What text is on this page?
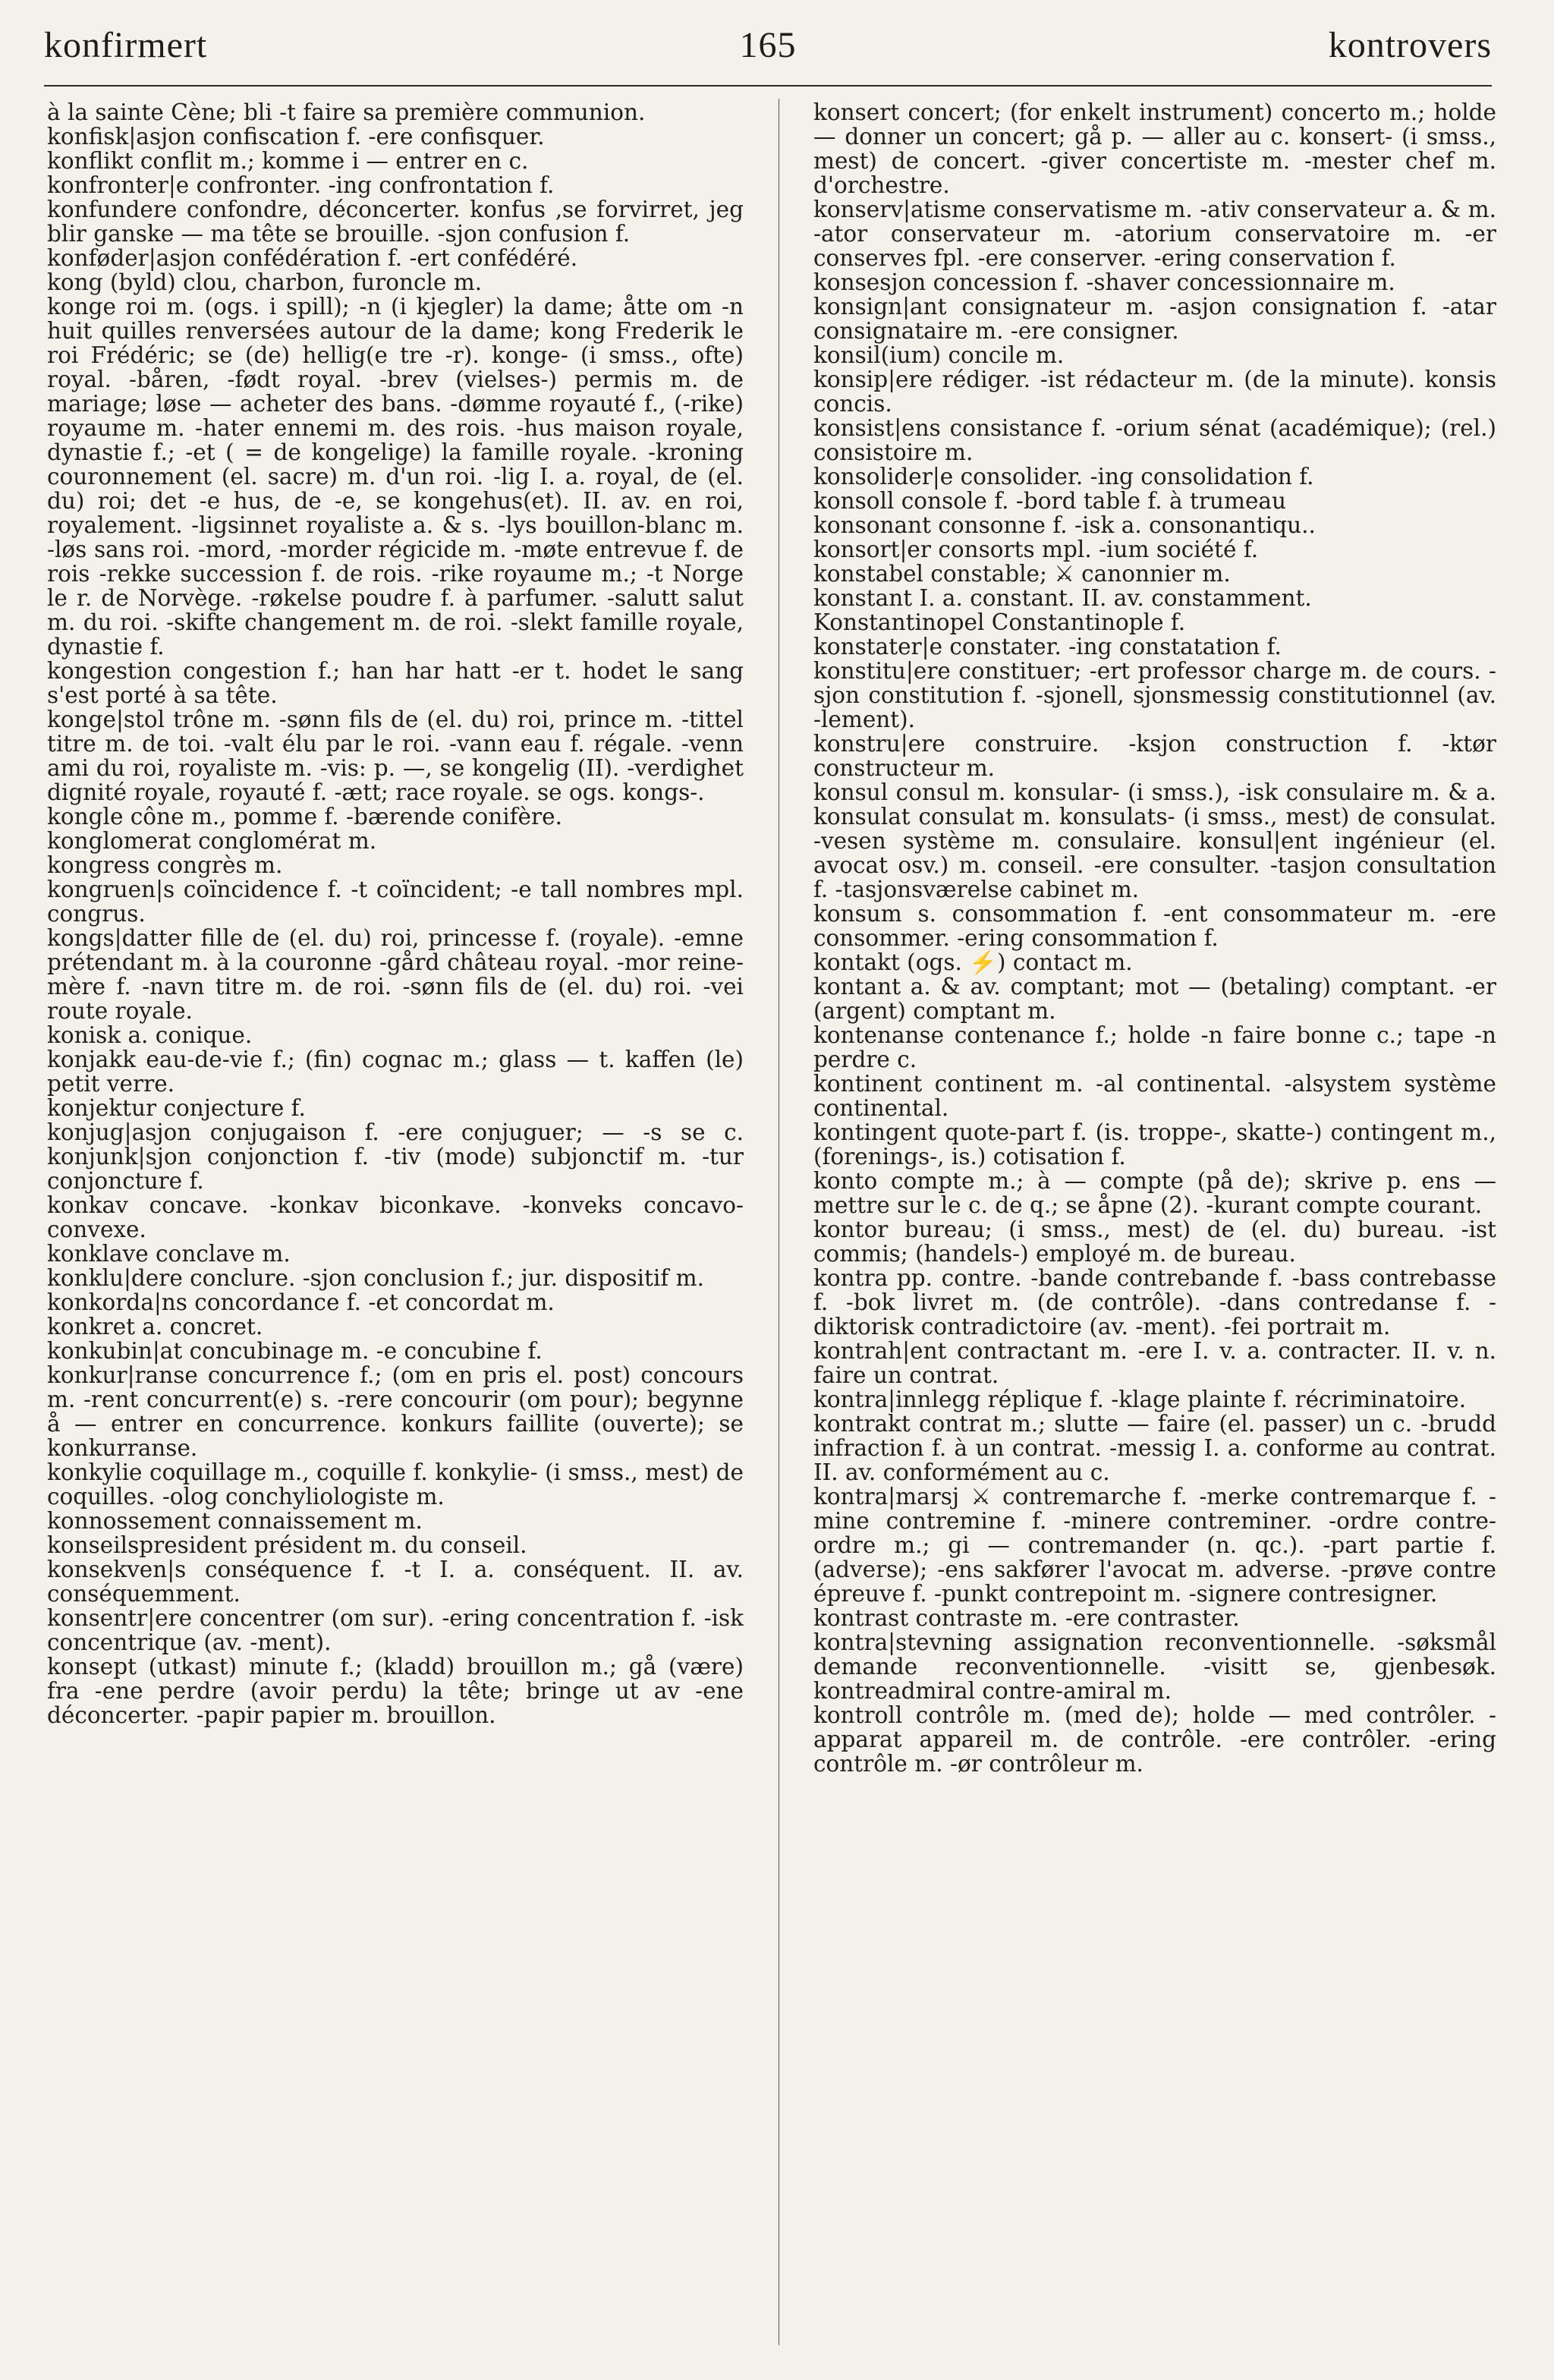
konfirmert	165	kontrovers

à la sainte Cène; bli -t faire sa première communion.

konfisk|asjon confiscation f. -ere confisquer.

konflikt conflit m.; komme i — entrer en c.

konfronter|e confronter. -ing confrontation f.

konfundere confondre, déconcerter. konfus ‚se forvirret, jeg blir ganske — ma tête se brouille. -sjon confusion f.

konføder|asjon confédération f. -ert confédéré.

kong (byld) clou, charbon, furoncle m.

konge roi m. (ogs. i spill); -n (i kjegler) la dame; åtte om -n huit quilles renversées autour de la dame; kong Frederik le roi Frédéric; se (de) hellig(e tre -r). konge- (i smss., ofte) royal. -båren, -født royal. -brev (vielses-) permis m. de mariage; løse — acheter des bans. -dømme royauté f., (-rike) royaume m. -hater ennemi m. des rois. -hus maison royale, dynastie f.; -et ( = de kongelige) la famille royale. -kroning couronnement (el. sacre) m. d'un roi. -lig I. a. royal, de (el. du) roi; det -e hus, de -e, se kongehus(et). II. av. en roi, royalement. -ligsinnet royaliste a. & s. -lys bouillon-blanc m. -løs sans roi. -mord, -morder régicide m. -møte entrevue f. de rois -rekke succession f. de rois. -rike royaume m.; -t Norge le r. de Norvège. -røkelse poudre f. à parfumer. -salutt salut m. du roi. -skifte changement m. de roi. -slekt famille royale, dynastie f.

kongestion congestion f.; han har hatt -er t. hodet le sang s'est porté à sa tête.

konge|stol trône m. -sønn fils de (el. du) roi, prince m. -tittel titre m. de toi. -valt élu par le roi. -vann eau f. régale. -venn ami du roi, royaliste m. -vis: p. —, se kongelig (II). -verdighet dignité royale, royauté f. -ætt; race royale. se ogs. kongs-.

kongle cône m., pomme f. -bærende conifère.

konglomerat conglomérat m.

kongress congrès m.

kongruen|s coïncidence f. -t coïncident; -e tall nombres mpl. congrus.

kongs|datter fille de (el. du) roi, princesse f. (royale). -emne prétendant m. à la couronne -gård château royal. -mor reine-mère f. -navn titre m. de roi. -sønn fils de (el. du) roi. -vei route royale.

konisk a. conique.

konjakk eau-de-vie f.; (fin) cognac m.; glass — t. kaffen (le) petit verre.

konjektur conjecture f.

konjug|asjon conjugaison f. -ere conjuguer; — -s se c. konjunk|sjon conjonction f. -tiv (mode) subjonctif m. -tur conjoncture f.

konkav concave. -konkav biconkave. -konveks concavo-convexe.

konklave conclave m.

konklu|dere conclure. -sjon conclusion f.; jur. dispositif m.

konkorda|ns concordance f. -et concordat m.

konkret a. concret.

konkubin|at concubinage m. -e concubine f.

konkur|ranse concurrence f.; (om en pris el. post) concours m. -rent concurrent(e) s. -rere concourir (om pour); begynne å — entrer en concurrence. konkurs faillite (ouverte); se konkurranse.

konkylie coquillage m., coquille f. konkylie- (i smss., mest) de coquilles. -olog conchyliologiste m.

konnossement connaissement m.

konseilspresident président m. du conseil.

konsekven|s conséquence f. -t I. a. conséquent. II. av. conséquemment.

konsentr|ere concentrer (om sur). -ering concentration f. -isk concentrique (av. -ment).

konsept (utkast) minute f.; (kladd) brouillon m.; gå (være) fra -ene perdre (avoir perdu) la tête; bringe ut av -ene déconcerter. -papir papier m. brouillon.

konsert concert; (for enkelt instrument) concerto m.; holde — donner un concert; gå p. — aller au c. konsert- (i smss., mest) de concert. -giver concertiste m. -mester chef m. d'orchestre.

konserv|atisme conservatisme m. -ativ conservateur a. & m. -ator conservateur m. -atorium conservatoire m. -er conserves fpl. -ere conserver. -ering conservation f.

konsesjon concession f. -shaver concessionnaire m.

konsign|ant consignateur m. -asjon consignation f. -atar consignataire m. -ere consigner.

konsil(ium) concile m.

konsip|ere rédiger. -ist rédacteur m. (de la minute). konsis concis.

konsist|ens consistance f. -orium sénat (académique); (rel.) consistoire m.

konsolider|e consolider. -ing consolidation f.

konsoll console f. -bord table f. à trumeau

konsonant consonne f. -isk a. consonantiqu..

konsort|er consorts mpl. -ium société f.

konstabel constable; ⚔ canonnier m.

konstant I. a. constant. II. av. constamment.

Konstantinopel Constantinople f.

konstater|e constater. -ing constatation f.

konstitu|ere constituer; -ert professor charge m. de cours. -sjon constitution f. -sjonell, sjonsmessig constitutionnel (av. -lement).

konstru|ere construire. -ksjon construction f. -ktør constructeur m.

konsul consul m. konsular- (i smss.), -isk consulaire m. & a. konsulat consulat m. konsulats- (i smss., mest) de consulat. -vesen système m. consulaire. konsul|ent ingénieur (el. avocat osv.) m. conseil. -ere consulter. -tasjon consultation f. -tasjonsværelse cabinet m.

konsum s. consommation f. -ent consommateur m. -ere consommer. -ering consommation f.

kontakt (ogs. ⚡) contact m.

kontant a. & av. comptant; mot — (betaling) comptant. -er (argent) comptant m.

kontenanse contenance f.; holde -n faire bonne c.; tape -n perdre c.

kontinent continent m. -al continental. -alsystem système continental.

kontingent quote-part f. (is. troppe-, skatte-) contingent m., (forenings-, is.) cotisation f.

konto compte m.; à — compte (på de); skrive p. ens — mettre sur le c. de q.; se åpne (2). -kurant compte courant.

kontor bureau; (i smss., mest) de (el. du) bureau. -ist commis; (handels-) employé m. de bureau.

kontra pp. contre. -bande contrebande f. -bass contrebasse f. -bok livret m. (de contrôle). -dans contredanse f. -diktorisk contradictoire (av. -ment). -fei portrait m.

kontrah|ent contractant m. -ere I. v. a. contracter. II. v. n. faire un contrat.

kontra|innlegg réplique f. -klage plainte f. récriminatoire.

kontrakt contrat m.; slutte — faire (el. passer) un c. -brudd infraction f. à un contrat. -messig I. a. conforme au contrat. II. av. conformément au c.

kontra|marsj ⚔ contremarche f. -merke contremarque f. -mine contremine f. -minere contreminer. -ordre contre-ordre m.; gi — contremander (n. qc.). -part partie f. (adverse); -ens sakfører l'avocat m. adverse. -prøve contre épreuve f. -punkt contrepoint m. -signere contresigner.

kontrast contraste m. -ere contraster.

kontra|stevning assignation reconventionnelle. -søksmål demande reconventionnelle. -visitt se, gjenbesøk. kontreadmiral contre-amiral m.

kontroll contrôle m. (med de); holde — med contrôler. -apparat appareil m. de contrôle. -ere contrôler. -ering contrôle m. -ør contrôleur m.
